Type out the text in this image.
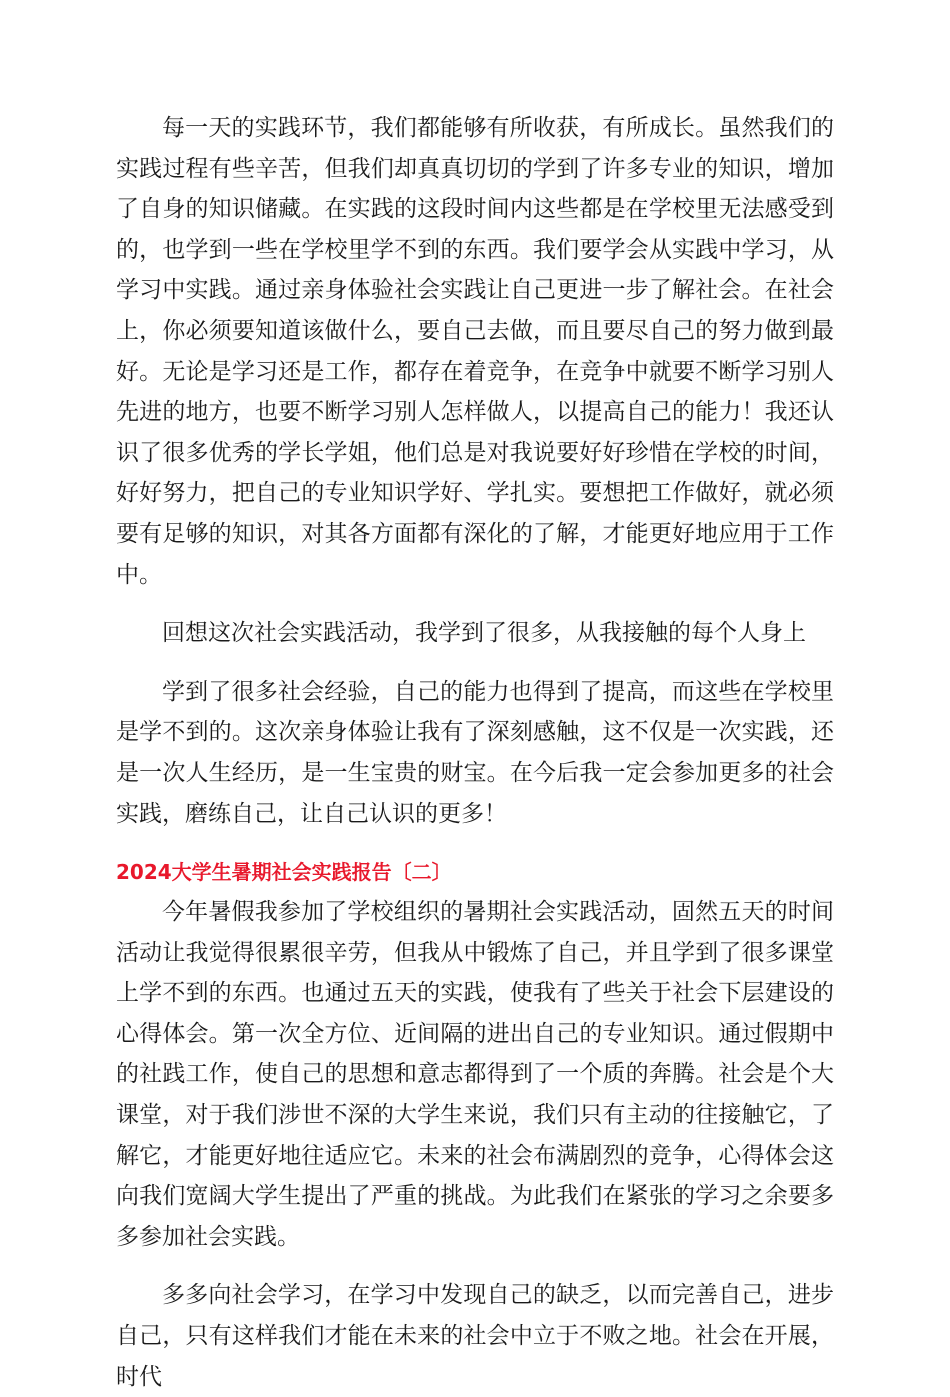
每一天的实践环节，我们都能够有所收获，有所成长。虽然我们的实践过程有些辛苦，但我们却真真切切的学到了许多专业的知识，增加了自身的知识储藏。在实践的这段时间内这些都是在学校里无法感受到的，也学到一些在学校里学不到的东西。我们要学会从实践中学习，从学习中实践。通过亲身体验社会实践让自己更进一步了解社会。在社会上，你必须要知道该做什么，要自己去做，而且要尽自己的努力做到最好。无论是学习还是工作，都存在着竞争，在竞争中就要不断学习别人先进的地方，也要不断学习别人怎样做人，以提高自己的能力！我还认识了很多优秀的学长学姐，他们总是对我说要好好珍惜在学校的时间，好好努力，把自己的专业知识学好、学扎实。要想把工作做好，就必须要有足够的知识，对其各方面都有深化的了解，才能更好地应用于工作中。

回想这次社会实践活动，我学到了很多，从我接触的每个人身上

学到了很多社会经验，自己的能力也得到了提高，而这些在学校里是学不到的。这次亲身体验让我有了深刻感触，这不仅是一次实践，还是一次人生经历，是一生宝贵的财宝。在今后我一定会参加更多的社会实践，磨练自己，让自己认识的更多！

2024大学生暑期社会实践报告〔二〕

今年暑假我参加了学校组织的暑期社会实践活动，固然五天的时间活动让我觉得很累很辛劳，但我从中锻炼了自己，并且学到了很多课堂上学不到的东西。也通过五天的实践，使我有了些关于社会下层建设的心得体会。第一次全方位、近间隔的进出自己的专业知识。通过假期中的社践工作，使自己的思想和意志都得到了一个质的奔腾。社会是个大课堂，对于我们涉世不深的大学生来说，我们只有主动的往接触它，了解它，才能更好地往适应它。未来的社会布满剧烈的竞争，心得体会这向我们宽阔大学生提出了严重的挑战。为此我们在紧张的学习之余要多多参加社会实践。

多多向社会学习，在学习中发现自己的缺乏，以而完善自己，进步自己，只有这样我们才能在未来的社会中立于不败之地。社会在开展，时代
